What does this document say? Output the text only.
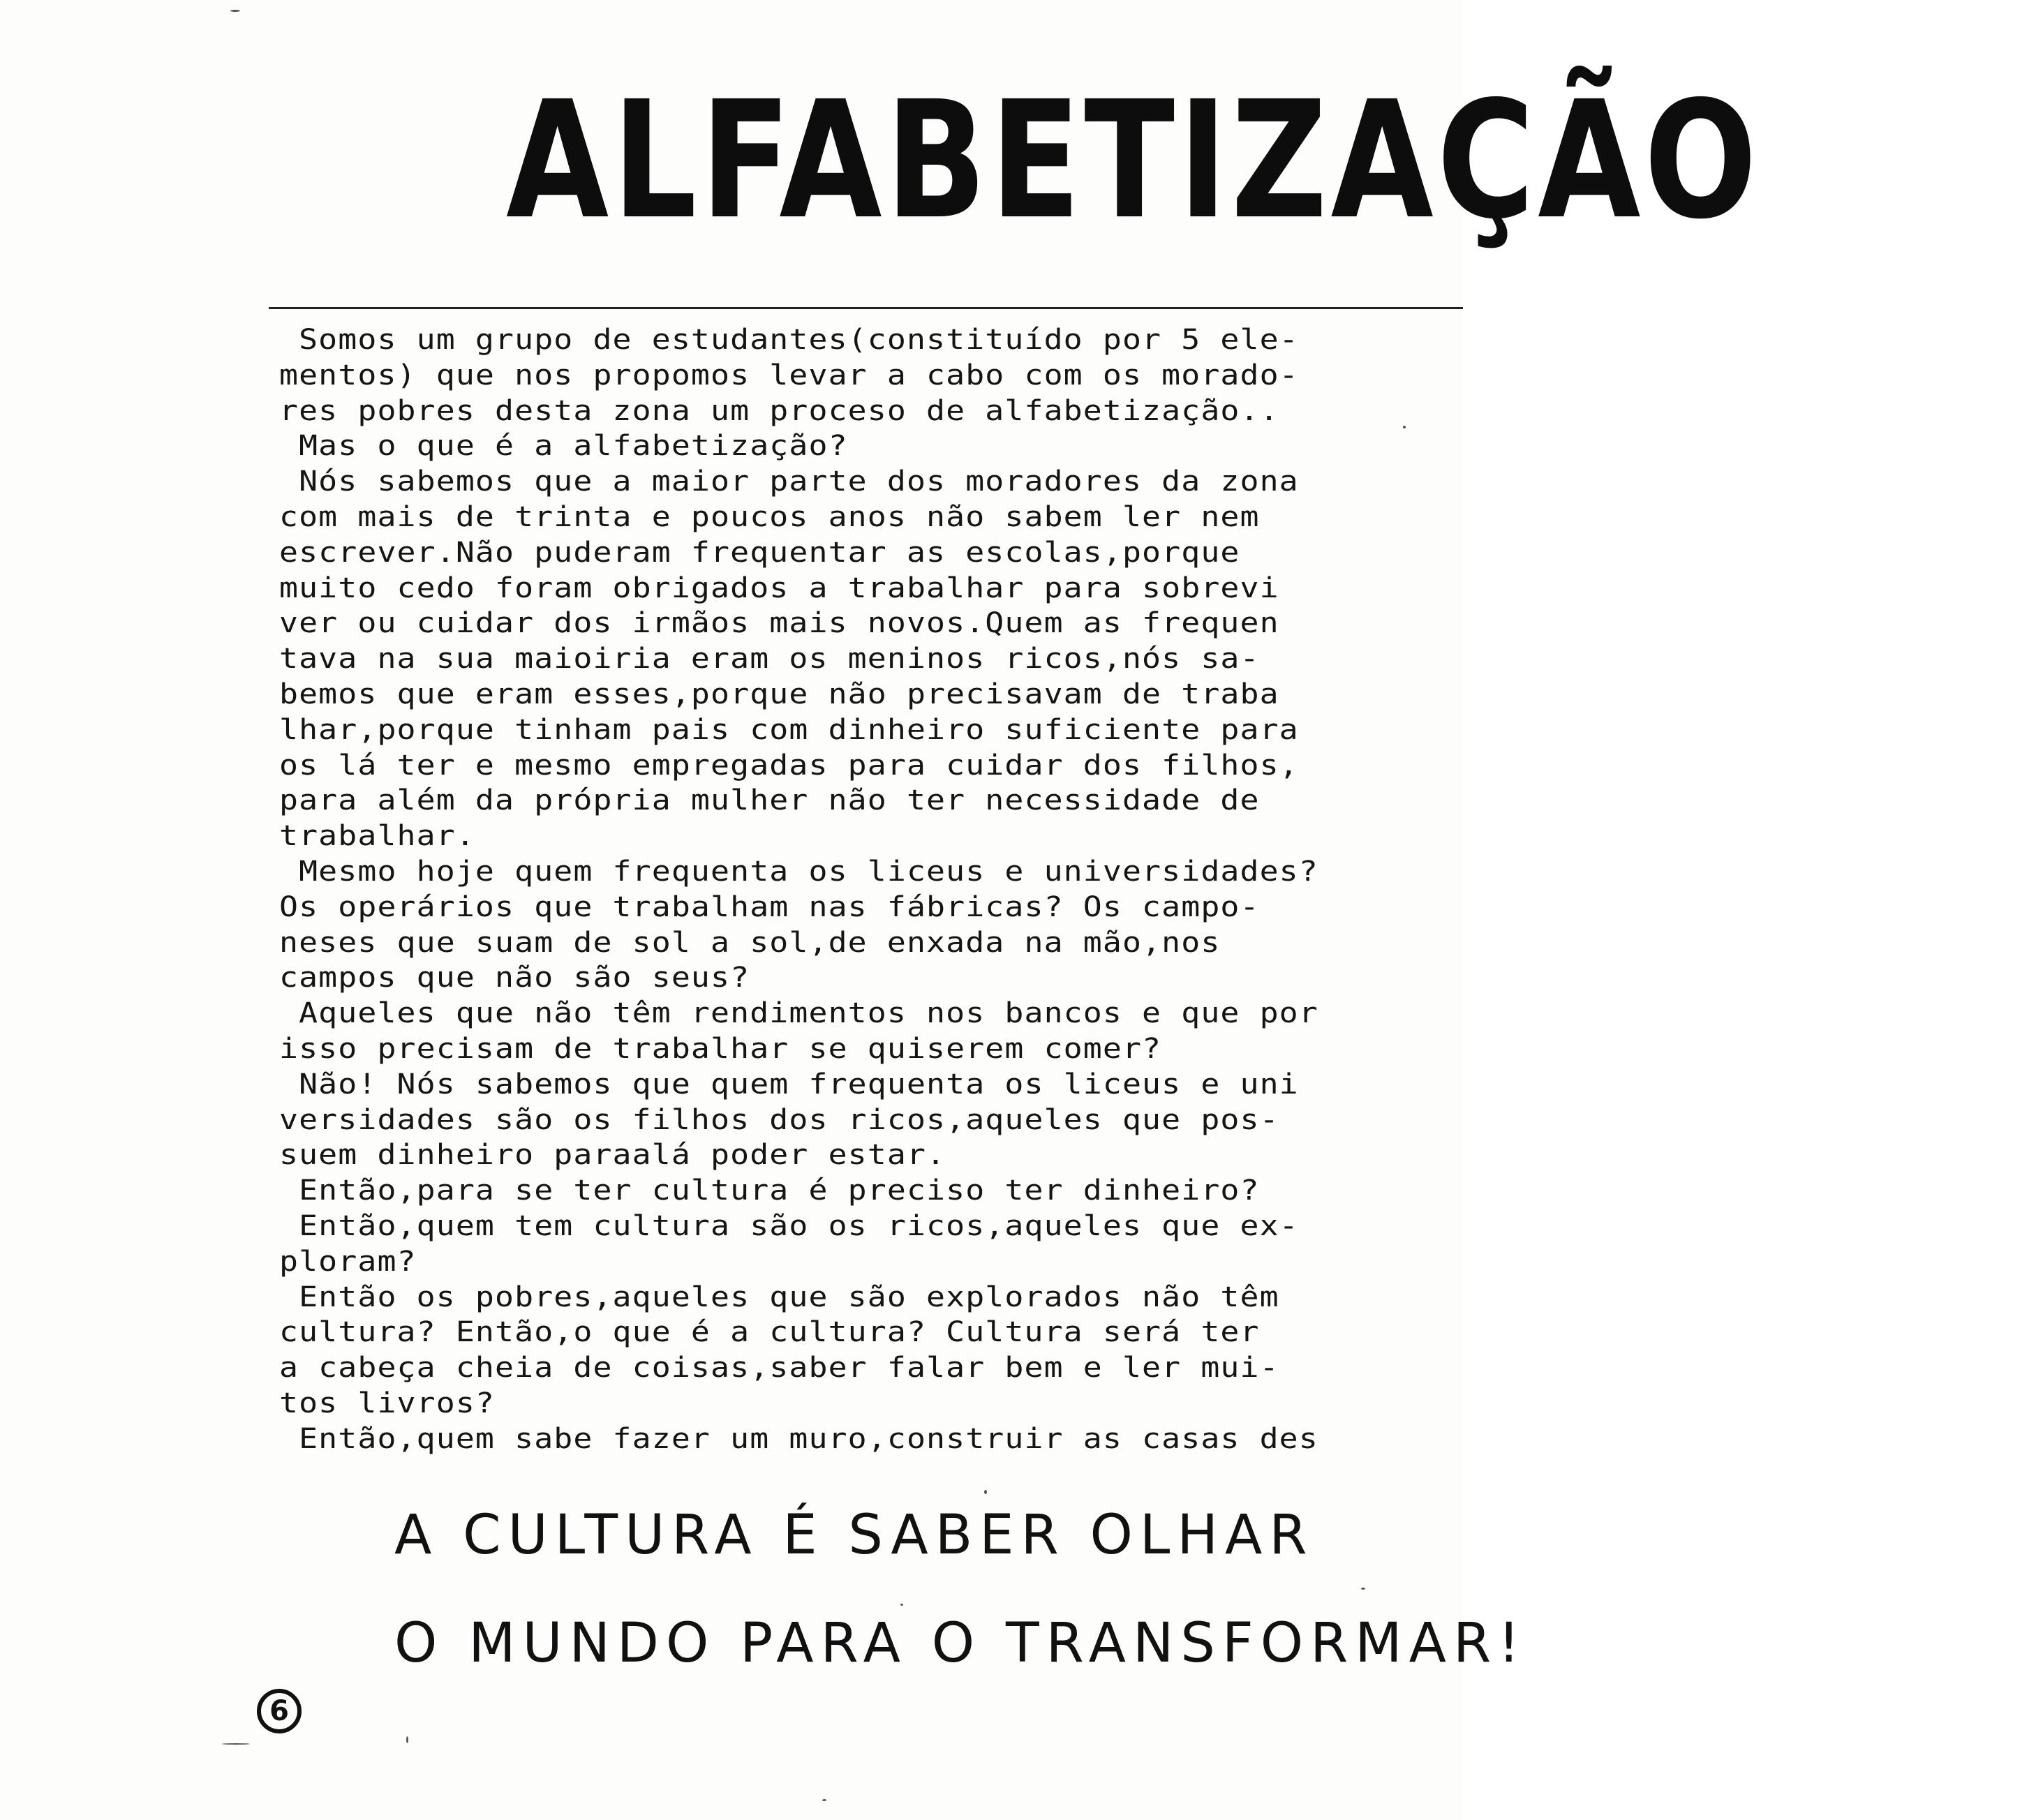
ALFABETIZAÇÃO
Somos um grupo de estudantes(constituído por 5 ele-
mentos) que nos propomos levar a cabo com os morado-
res pobres desta zona um proceso de alfabetização..
Mas o que é a alfabetização?
Nós sabemos que a maior parte dos moradores da zona
com mais de trinta e poucos anos não sabem ler nem
escrever.Não puderam frequentar as escolas,porque
muito cedo foram obrigados a trabalhar para sobrevi
ver ou cuidar dos irmãos mais novos.Quem as frequen
tava na sua maioiria eram os meninos ricos,nós sa-
bemos que eram esses,porque não precisavam de traba
lhar,porque tinham pais com dinheiro suficiente para
os lá ter e mesmo empregadas para cuidar dos filhos,
para além da própria mulher não ter necessidade de
trabalhar.
Mesmo hoje quem frequenta os liceus e universidades?
Os operários que trabalham nas fábricas? Os campo-
neses que suam de sol a sol,de enxada na mão,nos
campos que não são seus?
Aqueles que não têm rendimentos nos bancos e que por
isso precisam de trabalhar se quiserem comer?
Não! Nós sabemos que quem frequenta os liceus e uni
versidades são os filhos dos ricos,aqueles que pos-
suem dinheiro paraalá poder estar.
Então,para se ter cultura é preciso ter dinheiro?
Então,quem tem cultura são os ricos,aqueles que ex-
ploram?
Então os pobres,aqueles que são explorados não têm
cultura? Então,o que é a cultura? Cultura será ter
a cabeça cheia de coisas,saber falar bem e ler mui-
tos livros?
Então,quem sabe fazer um muro,construir as casas des
A CULTURA É SABER OLHAR
O MUNDO PARA O TRANSFORMAR!
6
